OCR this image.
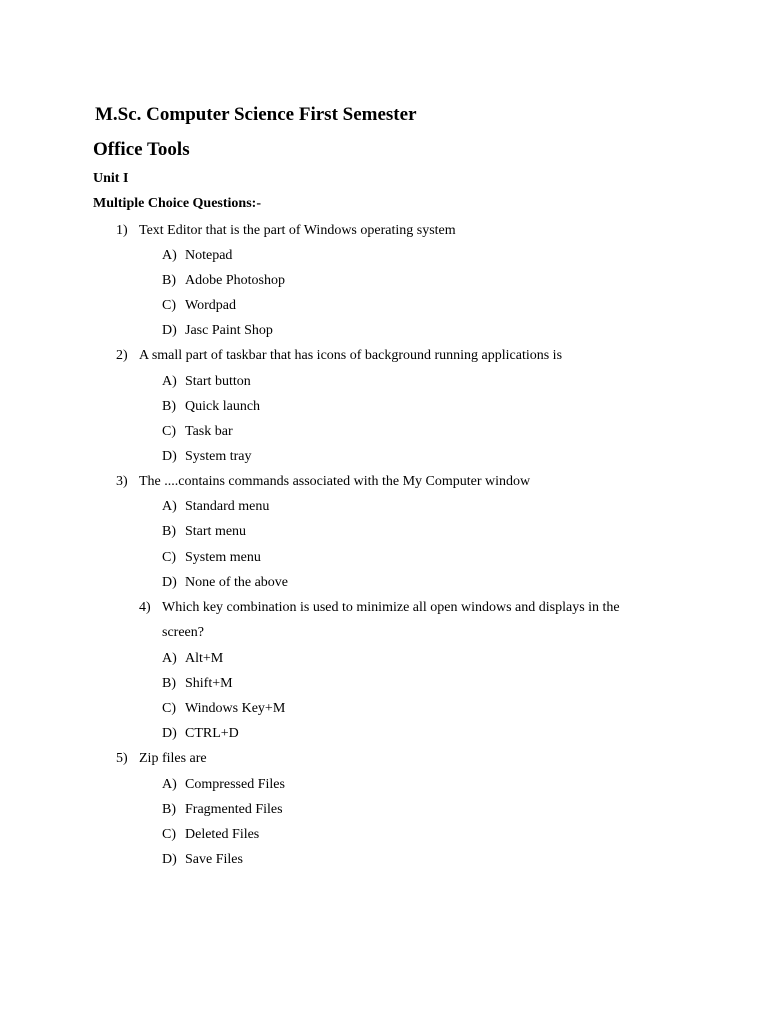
M.Sc. Computer Science First Semester
Office Tools
Unit I
Multiple Choice Questions:-
1) Text Editor that is the part of Windows operating system
A) Notepad
B) Adobe Photoshop
C) Wordpad
D) Jasc Paint Shop
2) A small part of taskbar that has icons of background running applications is
A) Start button
B) Quick launch
C) Task bar
D) System tray
3) The ....contains commands associated with the My Computer window
A) Standard menu
B) Start menu
C) System menu
D) None of the above
4) Which key combination is used to minimize all open windows and displays in the
screen?
A) Alt+M
B) Shift+M
C) Windows Key+M
D) CTRL+D
5) Zip files are
A) Compressed Files
B) Fragmented Files
C) Deleted Files
D) Save Files
